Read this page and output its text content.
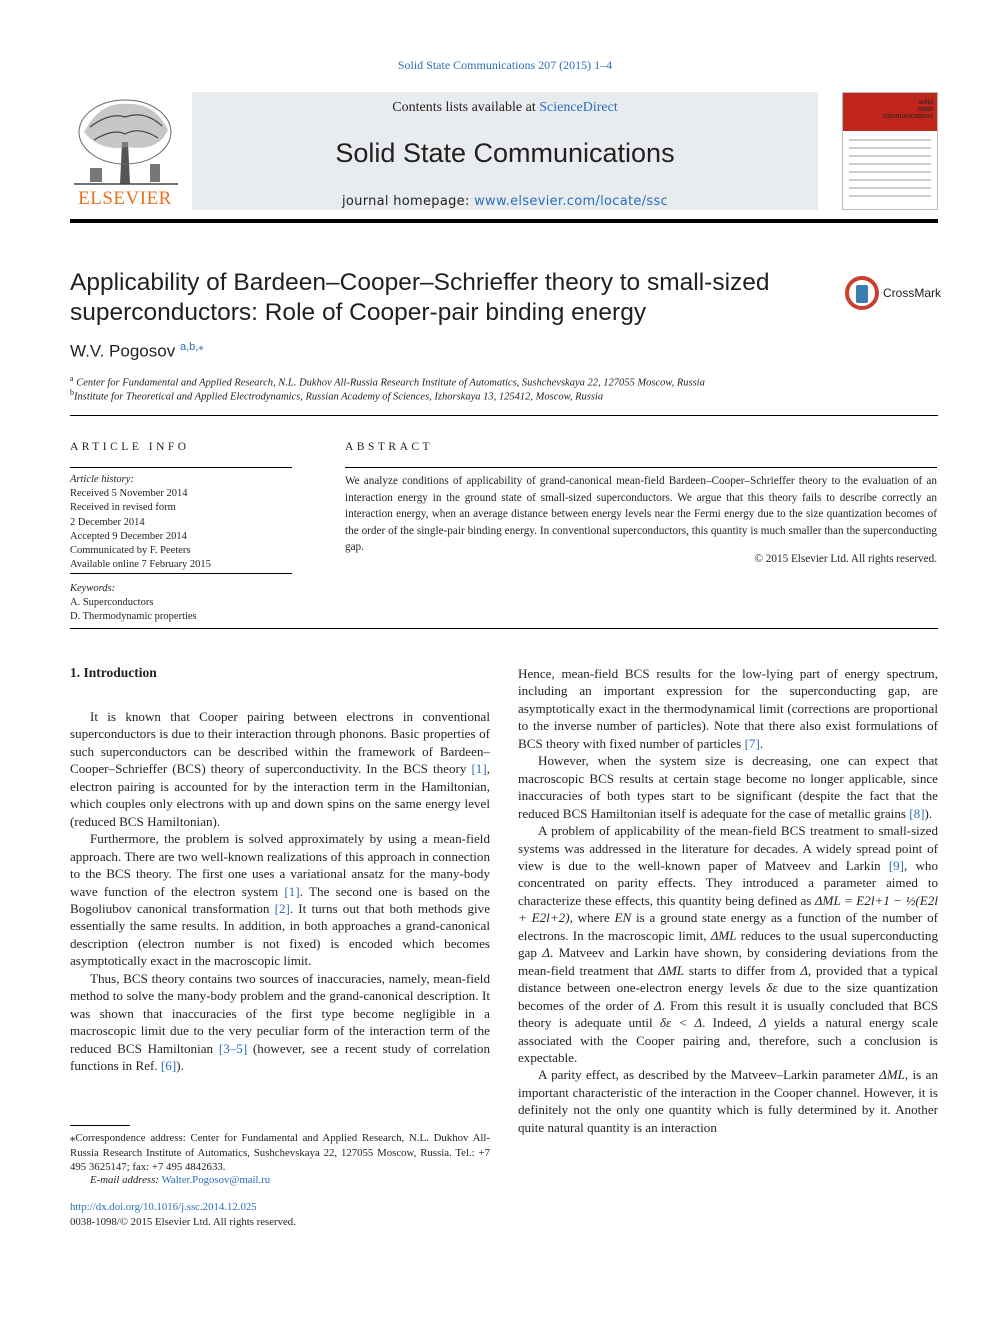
Solid State Communications 207 (2015) 1–4
ELSEVIER
Contents lists available at ScienceDirect
Solid State Communications
journal homepage: www.elsevier.com/locate/ssc
solid
state
communications
Applicability of Bardeen–Cooper–Schrieffer theory to small-sized superconductors: Role of Cooper-pair binding energy
CrossMark
W.V. Pogosov $^{a,b,⁎}$
$^a$ Center for Fundamental and Applied Research, N.L. Dukhov All-Russia Research Institute of Automatics, Sushchevskaya 22, 127055 Moscow, Russia
$^b$Institute for Theoretical and Applied Electrodynamics, Russian Academy of Sciences, Izhorskaya 13, 125412, Moscow, Russia
ARTICLE INFO	ABSTRACT
Article history:
Received 5 November 2014
Received in revised form
2 December 2014
Accepted 9 December 2014
Communicated by F. Peeters
Available online 7 February 2015
Keywords:
A. Superconductors
D. Thermodynamic properties
We analyze conditions of applicability of grand-canonical mean-field Bardeen–Cooper–Schrieffer theory to the evaluation of an interaction energy in the ground state of small-sized superconductors. We argue that this theory fails to describe correctly an interaction energy, when an average distance between energy levels near the Fermi energy due to the size quantization becomes of the order of the single-pair binding energy. In conventional superconductors, this quantity is much smaller than the superconducting gap.
© 2015 Elsevier Ltd. All rights reserved.
1. Introduction

It is known that Cooper pairing between electrons in conventional superconductors is due to their interaction through phonons. Basic properties of such superconductors can be described within the framework of Bardeen–Cooper–Schrieffer (BCS) theory of superconductivity. In the BCS theory [1], electron pairing is accounted for by the interaction term in the Hamiltonian, which couples only electrons with up and down spins on the same energy level (reduced BCS Hamiltonian).

Furthermore, the problem is solved approximately by using a mean-field approach. There are two well-known realizations of this approach in connection to the BCS theory. The first one uses a variational ansatz for the many-body wave function of the electron system [1]. The second one is based on the Bogoliubov canonical transformation [2]. It turns out that both methods give essentially the same results. In addition, in both approaches a grand-canonical description (electron number is not fixed) is encoded which becomes asymptotically exact in the macroscopic limit.

Thus, BCS theory contains two sources of inaccuracies, namely, mean-field method to solve the many-body problem and the grand-canonical description. It was shown that inaccuracies of the first type become negligible in a macroscopic limit due to the very peculiar form of the interaction term of the reduced BCS Hamiltonian [3–5] (however, see a recent study of correlation functions in Ref. [6]).

Hence, mean-field BCS results for the low-lying part of energy spectrum, including an important expression for the superconducting gap, are asymptotically exact in the thermodynamical limit (corrections are proportional to the inverse number of particles). Note that there also exist formulations of BCS theory with fixed number of particles [7].

However, when the system size is decreasing, one can expect that macroscopic BCS results at certain stage become no longer applicable, since inaccuracies of both types start to be significant (despite the fact that the reduced BCS Hamiltonian itself is adequate for the case of metallic grains [8]).

A problem of applicability of the mean-field BCS treatment to small-sized systems was addressed in the literature for decades. A widely spread point of view is due to the well-known paper of Matveev and Larkin [9], who concentrated on parity effects. They introduced a parameter aimed to characterize these effects, this quantity being defined as ΔML = E2l+1 − ½(E2l + E2l+2), where EN is a ground state energy as a function of the number of electrons. In the macroscopic limit, ΔML reduces to the usual superconducting gap Δ. Matveev and Larkin have shown, by considering deviations from the mean-field treatment that ΔML starts to differ from Δ, provided that a typical distance between one-electron energy levels δε due to the size quantization becomes of the order of Δ. From this result it is usually concluded that BCS theory is adequate until δε < Δ. Indeed, Δ yields a natural energy scale associated with the Cooper pairing and, therefore, such a conclusion is expectable.

A parity effect, as described by the Matveev–Larkin parameter ΔML, is an important characteristic of the interaction in the Cooper channel. However, it is definitely not the only one quantity which is fully determined by it. Another quite natural quantity is an interaction

⁎Correspondence address: Center for Fundamental and Applied Research, N.L. Dukhov All-Russia Research Institute of Automatics, Sushchevskaya 22, 127055 Moscow, Russia. Tel.: +7 495 3625147; fax: +7 495 4842633.
E-mail address: Walter.Pogosov@mail.ru
http://dx.doi.org/10.1016/j.ssc.2014.12.025
0038-1098/© 2015 Elsevier Ltd. All rights reserved.
